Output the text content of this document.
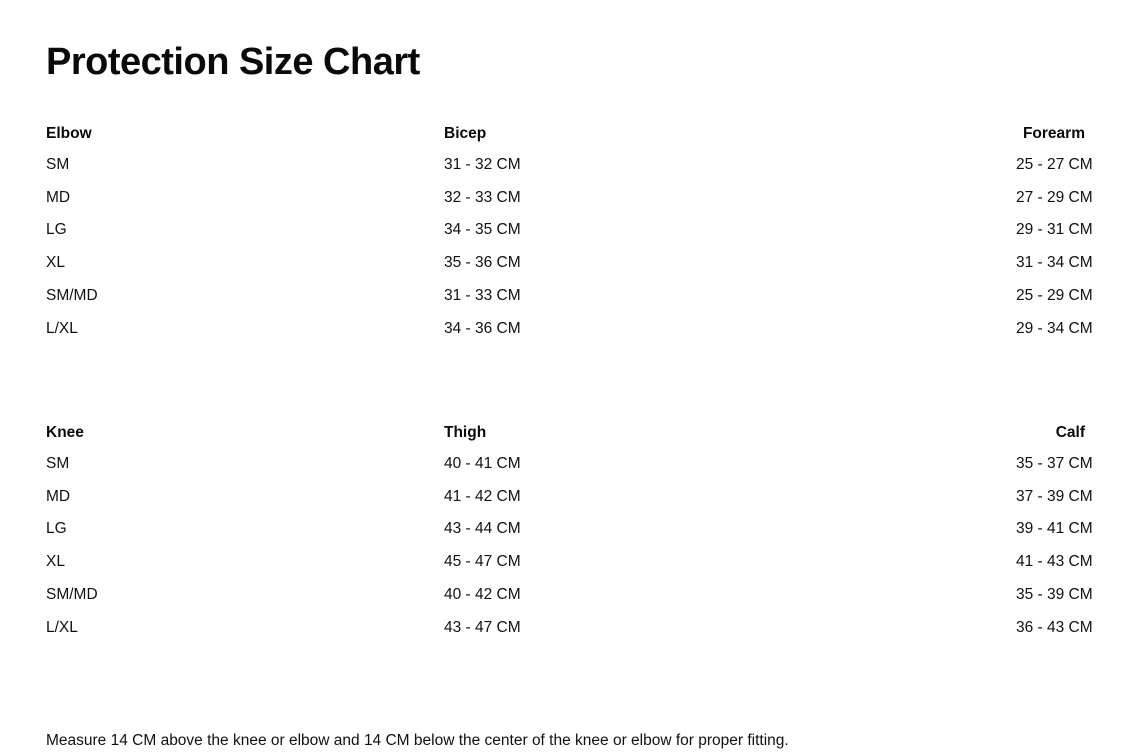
Protection Size Chart
Elbow	Bicep	Forearm
SM	31 - 32 CM	25 - 27 CM
MD	32 - 33 CM	27 - 29 CM
LG	34 - 35 CM	29 - 31 CM
XL	35 - 36 CM	31 - 34 CM
SM/MD	31 - 33 CM	25 - 29 CM
L/XL	34 - 36 CM	29 - 34 CM
Knee	Thigh	Calf
SM	40 - 41 CM	35 - 37 CM
MD	41 - 42 CM	37 - 39 CM
LG	43 - 44 CM	39 - 41 CM
XL	45 - 47 CM	41 - 43 CM
SM/MD	40 - 42 CM	35 - 39 CM
L/XL	43 - 47 CM	36 - 43 CM

Measure 14 CM above the knee or elbow and 14 CM below the center of the knee or elbow for proper fitting.
